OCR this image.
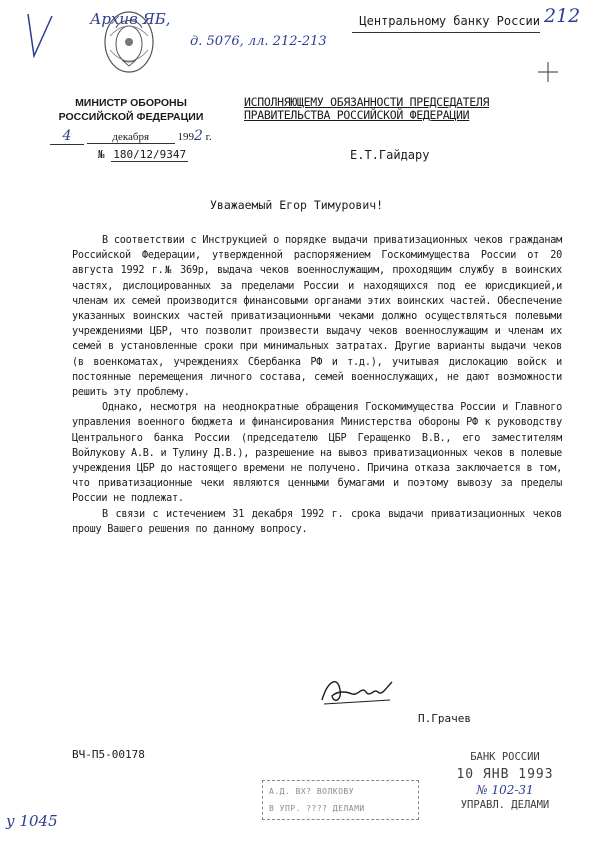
Архив ЯБ,
д. 5076, лл. 212-213
212
Центральному банку России
МИНИСТР ОБОРОНЫ
РОССИЙСКОЙ ФЕДЕРАЦИИ
4	декабря	1992 г.
№ 180/12/9347
ИСПОЛНЯЮЩЕМУ ОБЯЗАННОСТИ ПРЕДСЕДАТЕЛЯ
ПРАВИТЕЛЬСТВА РОССИЙСКОЙ ФЕДЕРАЦИИ
Е.Т.Гайдару
Уважаемый Егор Тимурович!

В соответствии с Инструкцией о порядке выдачи приватизационных чеков гражданам Российской Федерации, утвержденной распоряжением Госкомимущества России от 20 августа 1992 г.№ 369р, выдача чеков военнослужащим, проходящим службу в воинских частях, дислоцированных за пределами России и находящихся под ее юрисдикцией,и членам их семей производится финансовыми органами этих воинских частей. Обеспечение указанных воинских частей приватизационными чеками должно осуществляться полевыми учреждениями ЦБР, что позволит произвести выдачу чеков военнослужащим и членам их семей в установленные сроки при минимальных затратах. Другие варианты выдачи чеков (в военкоматах, учреждениях Сбербанка РФ и т.д.), учитывая дислокацию войск и постоянные перемещения личного состава, семей военнослужащих, не дают возможности решить эту проблему.

Однако, несмотря на неоднократные обращения Госкомимущества России и Главного управления военного бюджета и финансирования Министерства обороны РФ к руководству Центрального банка России (председателю ЦБР Геращенко В.В., его заместителям Войлукову А.В. и Тулину Д.В.), разрешение на вывоз приватизационных чеков в полевые учреждения ЦБР до настоящего времени не получено. Причина отказа заключается в том, что приватизационные чеки являются ценными бумагами и поэтому вывозу за пределы России не подлежат.

В связи с истечением 31 декабря 1992 г. срока выдачи приватизационных чеков прошу Вашего решения по данному вопросу.

П.Грачев
ВЧ-П5-00178
А.Д. ВХ? ВОЛКОВУ
В УПР. ???? ДЕЛАМИ
БАНК РОССИИ
10 ЯНВ 1993
№ 102-31
УПРАВЛ. ДЕЛАМИ
у 1045
